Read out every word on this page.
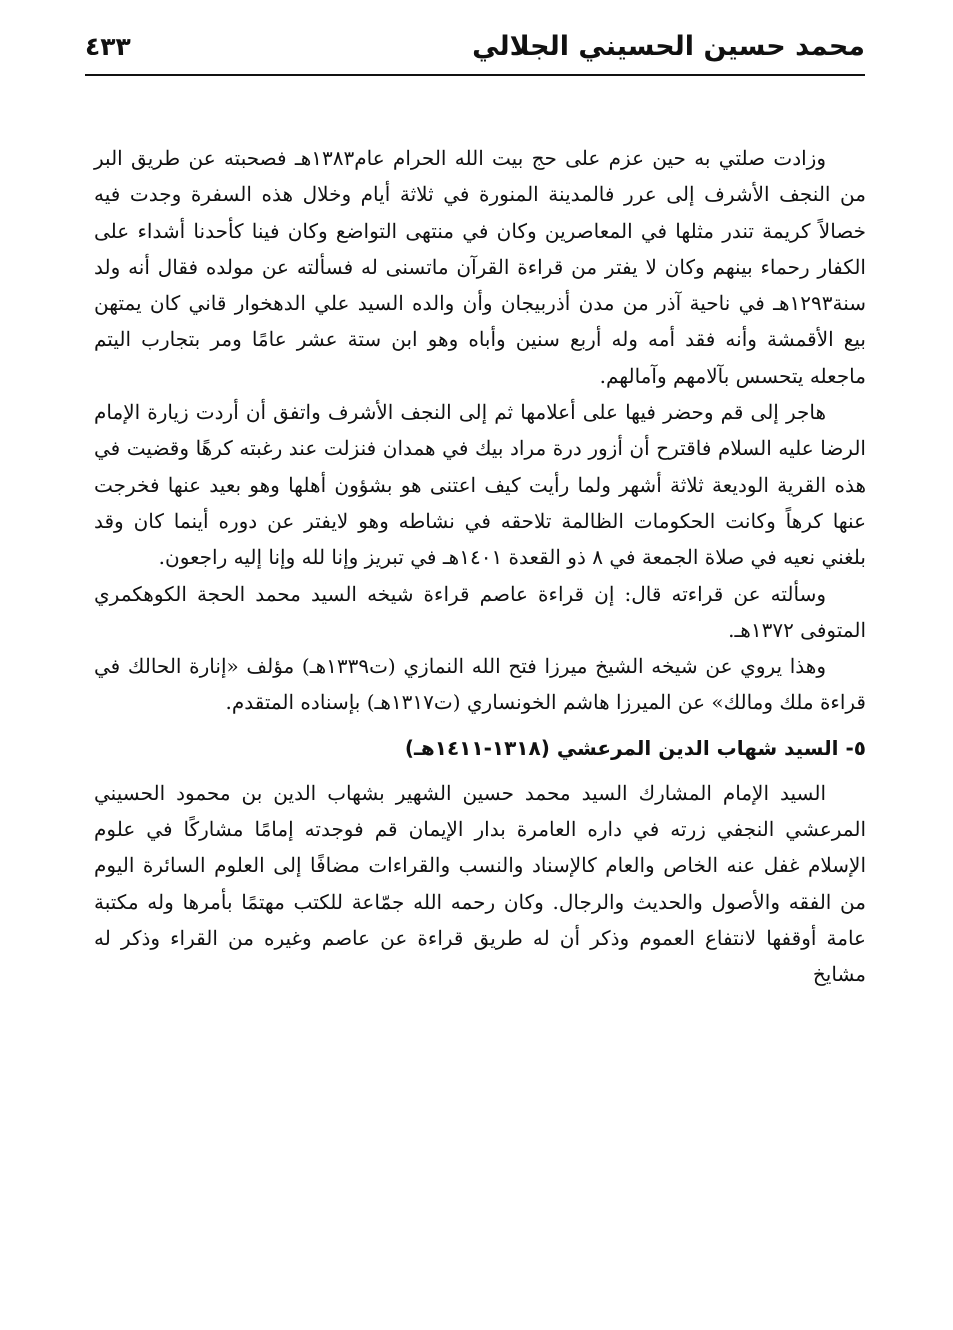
محمد حسين الحسيني الجلالي
٤٣٣

وزادت صلتي به حين عزم على حج بيت الله الحرام عام١٣٨٣هـ فصحبته عن طريق البر من النجف الأشرف إلى عرر فالمدينة المنورة في ثلاثة أيام وخلال هذه السفرة وجدت فيه خصالاً كريمة تندر مثلها في المعاصرين وكان في منتهى التواضع وكان فينا كأحدنا أشداء على الكفار رحماء بينهم وكان لا يفتر من قراءة القرآن ماتسنى له فسألته عن مولده فقال أنه ولد سنة١٢٩٣هـ في ناحية آذر من مدن أذربيجان وأن والده السيد علي الدهخوار قاني كان يمتهن بيع الأقمشة وأنه فقد أمه وله أربع سنين وأباه وهو ابن ستة عشر عامًا ومر بتجارب اليتم ماجعله يتحسس بآلامهم وآمالهم.

هاجر إلى قم وحضر فيها على أعلامها ثم إلى النجف الأشرف واتفق أن أردت زيارة الإمام الرضا عليه السلام فاقترح أن أزور درة مراد بيك في همدان فنزلت عند رغبته كرهًا وقضيت في هذه القرية الوديعة ثلاثة أشهر ولما رأيت كيف اعتنى هو بشؤون أهلها وهو بعيد عنها فخرجت عنها كرهاً وكانت الحكومات الظالمة تلاحقه في نشاطه وهو لايفتر عن دوره أينما كان وقد بلغني نعيه في صلاة الجمعة في ٨ ذو القعدة ١٤٠١هـ في تبريز وإنا لله وإنا إليه راجعون.

وسألته عن قراءته قال: إن قراءة عاصم قراءة شيخه السيد محمد الحجة الكوهكمري المتوفى ١٣٧٢هـ.

وهذا يروي عن شيخه الشيخ ميرزا فتح الله النمازي (ت١٣٣٩هـ) مؤلف «إنارة الحالك في قراءة ملك ومالك» عن الميرزا هاشم الخونساري (ت١٣١٧هـ) بإسناده المتقدم.

٥- السيد شهاب الدين المرعشي (١٣١٨-١٤١١هـ)

السيد الإمام المشارك السيد محمد حسين الشهير بشهاب الدين بن محمود الحسيني المرعشي النجفي زرته في داره العامرة بدار الإيمان قم فوجدته إمامًا مشاركًا في علوم الإسلام غفل عنه الخاص والعام كالإسناد والنسب والقراءات مضافًا إلى العلوم السائرة اليوم من الفقه والأصول والحديث والرجال. وكان رحمه الله جمّاعة للكتب مهتمًا بأمرها وله مكتبة عامة أوقفها لانتفاع العموم وذكر أن له طريق قراءة عن عاصم وغيره من القراء وذكر له مشايخ
